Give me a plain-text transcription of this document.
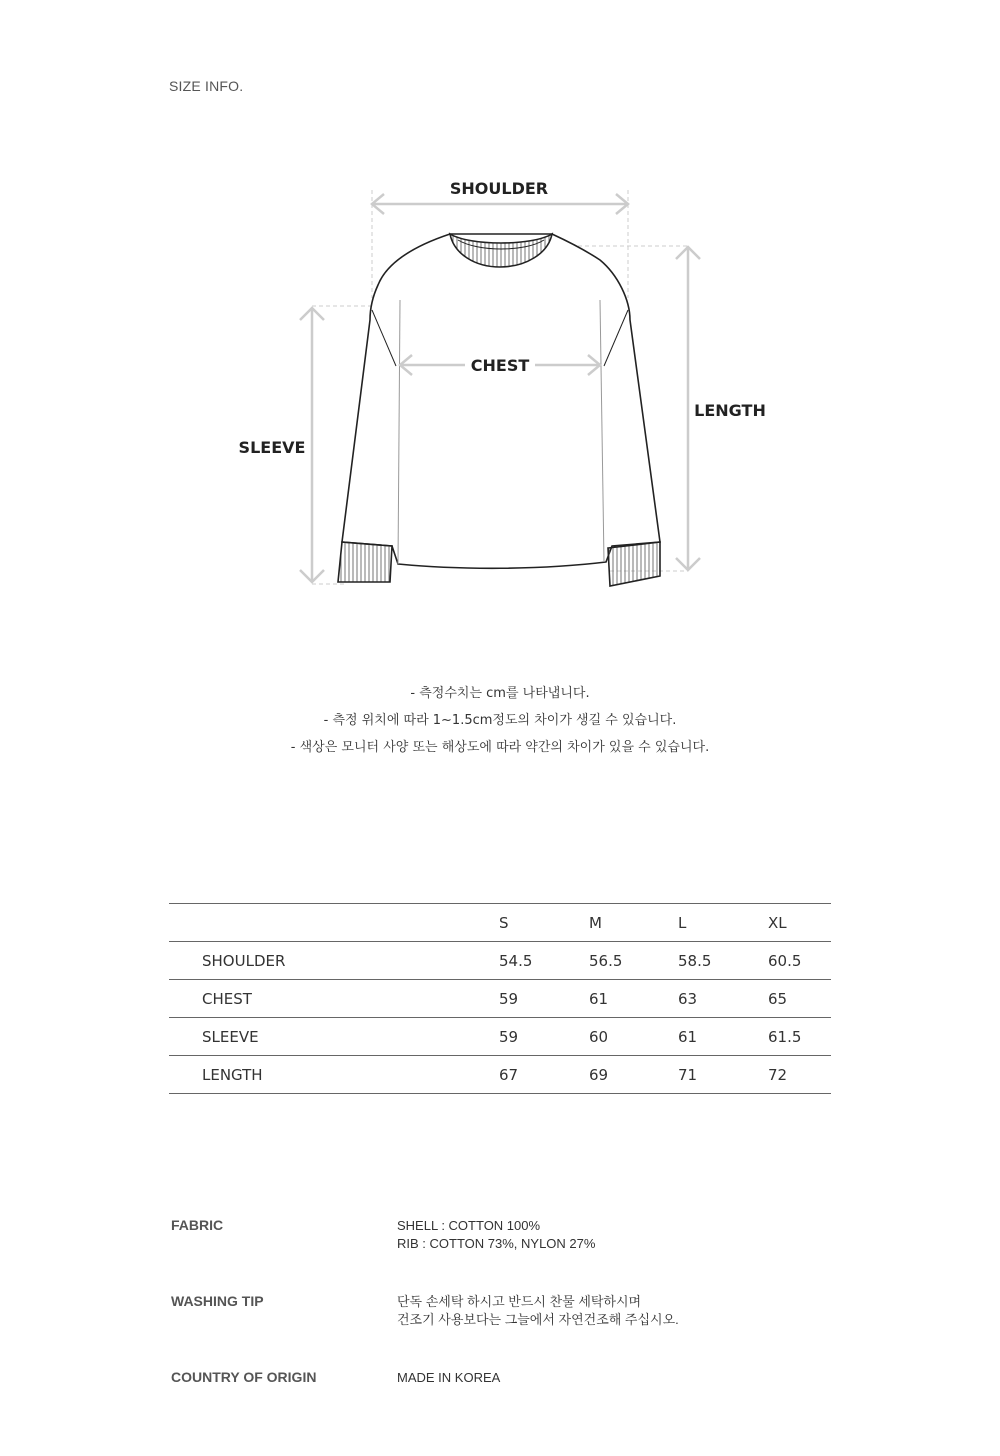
SIZE INFO.
SHOULDER
SLEEVE
LENGTH
CHEST
- 측정수치는 cm를 나타냅니다.
- 측정 위치에 따라 1~1.5cm정도의 차이가 생길 수 있습니다.
- 색상은 모니터 사양 또는 해상도에 따라 약간의 차이가 있을 수 있습니다.
	S	M	L	XL
SHOULDER	54.5	56.5	58.5	60.5
CHEST	59	61	63	65
SLEEVE	59	60	61	61.5
LENGTH	67	69	71	72
FABRIC	SHELL : COTTON 100%
RIB : COTTON 73%, NYLON 27%
WASHING TIP	단독 손세탁 하시고 반드시 찬물 세탁하시며
건조기 사용보다는 그늘에서 자연건조해 주십시오.
COUNTRY OF ORIGIN	MADE IN KOREA
